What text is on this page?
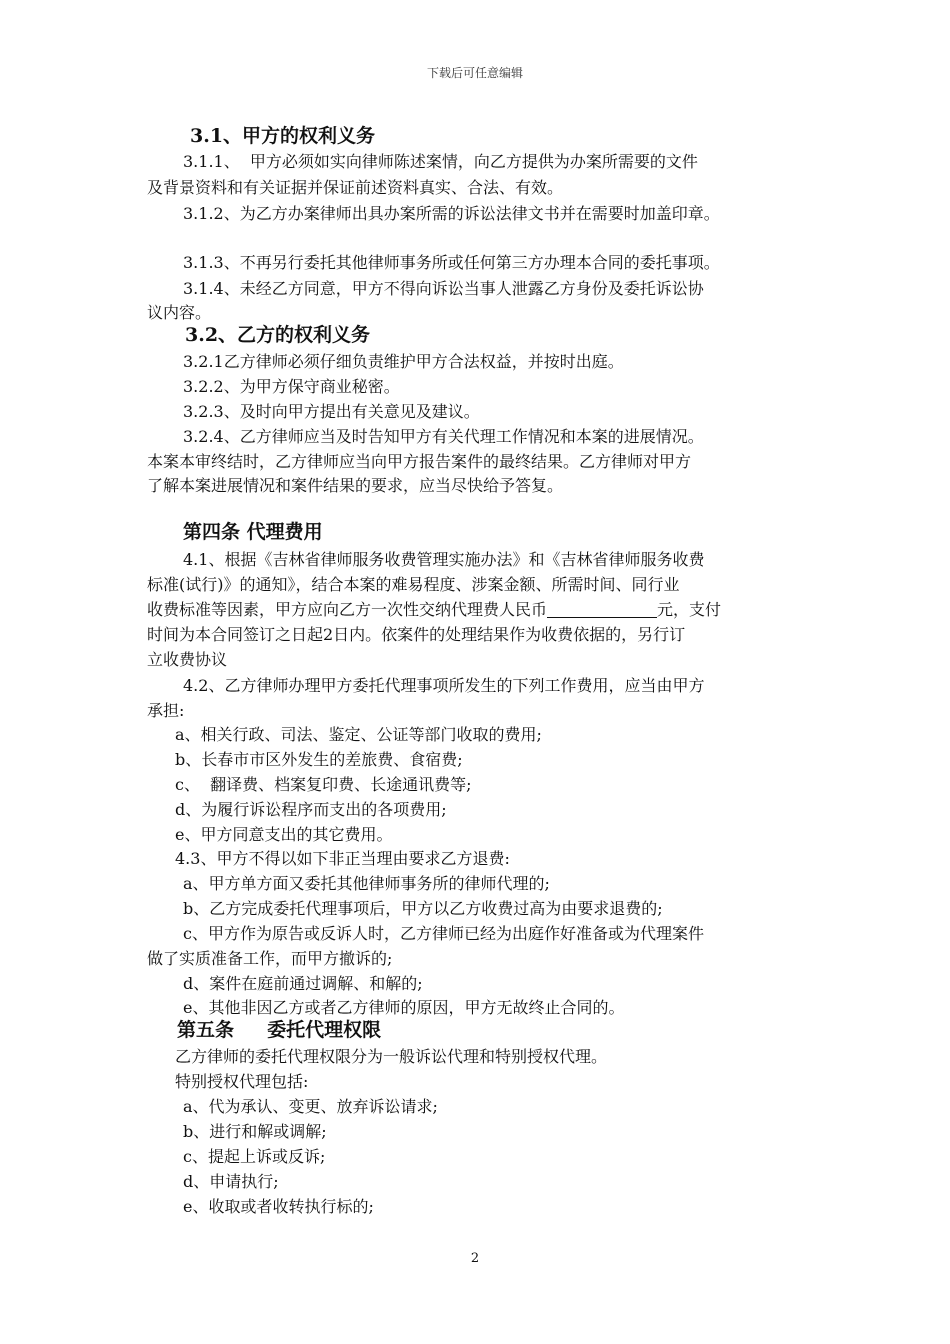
下载后可任意编辑
3.1、甲方的权利义务
3.1.1、  甲方必须如实向律师陈述案情，向乙方提供为办案所需要的文件
及背景资料和有关证据并保证前述资料真实、合法、有效。
3.1.2、为乙方办案律师出具办案所需的诉讼法律文书并在需要时加盖印章。
3.1.3、不再另行委托其他律师事务所或任何第三方办理本合同的委托事项。
3.1.4、未经乙方同意，甲方不得向诉讼当事人泄露乙方身份及委托诉讼协
议内容。
3.2、乙方的权利义务
3.2.1乙方律师必须仔细负责维护甲方合法权益，并按时出庭。
3.2.2、为甲方保守商业秘密。
3.2.3、及时向甲方提出有关意见及建议。
3.2.4、乙方律师应当及时告知甲方有关代理工作情况和本案的进展情况。
本案本审终结时，乙方律师应当向甲方报告案件的最终结果。乙方律师对甲方
了解本案进展情况和案件结果的要求，应当尽快给予答复。
第四条 代理费用
4.1、根据《吉林省律师服务收费管理实施办法》和《吉林省律师服务收费
标准(试行)》的通知》，结合本案的难易程度、涉案金额、所需时间、同行业
收费标准等因素，甲方应向乙方一次性交纳代理费人民币	元，支付
时间为本合同签订之日起2日内。依案件的处理结果作为收费依据的，另行订
立收费协议
4.2、乙方律师办理甲方委托代理事项所发生的下列工作费用，应当由甲方
承担:
a、相关行政、司法、鉴定、公证等部门收取的费用;
b、长春市市区外发生的差旅费、食宿费;
c、  翻译费、档案复印费、长途通讯费等;
d、为履行诉讼程序而支出的各项费用;
e、甲方同意支出的其它费用。
4.3、甲方不得以如下非正当理由要求乙方退费:
a、甲方单方面又委托其他律师事务所的律师代理的;
b、乙方完成委托代理事项后，甲方以乙方收费过高为由要求退费的;
c、甲方作为原告或反诉人时，乙方律师已经为出庭作好准备或为代理案件
做了实质准备工作，而甲方撤诉的;
d、案件在庭前通过调解、和解的;
e、其他非因乙方或者乙方律师的原因，甲方无故终止合同的。
第五条     委托代理权限
乙方律师的委托代理权限分为一般诉讼代理和特别授权代理。
特别授权代理包括:
a、代为承认、变更、放弃诉讼请求;
b、进行和解或调解;
c、提起上诉或反诉;
d、申请执行;
e、收取或者收转执行标的;
2
